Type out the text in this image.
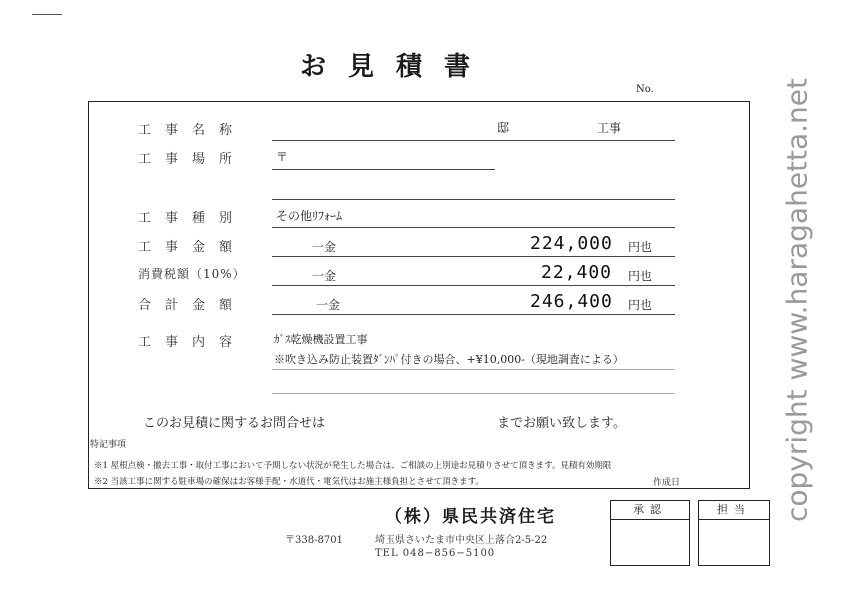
お見積書
No.
工事名称	邸	工事
工事場所 〒
工事種別 その他ﾘﾌｫｰﾑ
工事金額	一金	224,000 円也
消費税額（10%）	一金	22,400 円也
合計金額	一金	246,400 円也
工事内容	ｶﾞｽ乾燥機設置工事
※吹き込み防止装置ﾀﾞﾝﾊﾟ付きの場合、+¥10,000-（現地調査による）
このお見積に関するお問合せは	までお願い致します。
特記事項
※1 屋根点検・撤去工事・取付工事において予期しない状況が発生した場合は、ご相談の上別途お見積りさせて頂きます。見積有効期限
※2 当該工事に関する駐車場の確保はお客様手配・水道代・電気代はお施主様負担とさせて頂きます。	作成日
（株）県民共済住宅
〒338-8701	埼玉県さいたま市中央区上落合2-5-22
TEL 048−856−5100
承認	担当	copyright www.haragahetta.net
